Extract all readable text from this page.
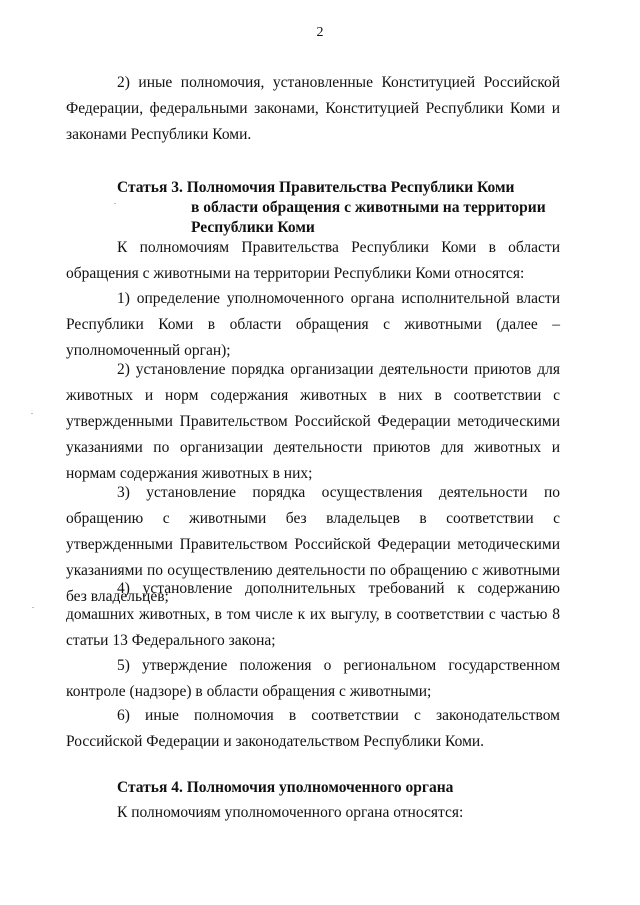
2

2) иные полномочия, установленные Конституцией Российской Федерации, федеральными законами, Конституцией Республики Коми и законами Республики Коми.

Статья 3. Полномочия Правительства Республики Коми
в области обращения с животными на территории
Республики Коми

К полномочиям Правительства Республики Коми в области обращения с животными на территории Республики Коми относятся:

1) определение уполномоченного органа исполнительной власти Республики Коми в области обращения с животными (далее – уполномоченный орган);

2) установление порядка организации деятельности приютов для животных и норм содержания животных в них в соответствии с утвержденными Правительством Российской Федерации методическими указаниями по организации деятельности приютов для животных и нормам содержания животных в них;

3) установление порядка осуществления деятельности по обращению с животными без владельцев в соответствии с утвержденными Правительством Российской Федерации методическими указаниями по осуществлению деятельности по обращению с животными без владельцев;

4) установление дополнительных требований к содержанию домашних животных, в том числе к их выгулу, в соответствии с частью 8 статьи 13 Федерального закона;

5) утверждение положения о региональном государственном контроле (надзоре) в области обращения с животными;

6) иные полномочия в соответствии с законодательством Российской Федерации и законодательством Республики Коми.

Статья 4. Полномочия уполномоченного органа

К полномочиям уполномоченного органа относятся:
